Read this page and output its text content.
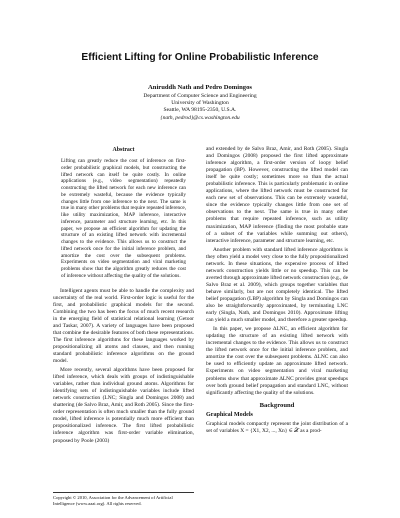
Efficient Lifting for Online Probabilistic Inference
Aniruddh Nath and Pedro Domingos
Department of Computer Science and Engineering
University of Washington
Seattle, WA 98195-2350, U.S.A.
{nath, pedrod}@cs.washington.edu
Abstract
Lifting can greatly reduce the cost of inference on first-order probabilistic graphical models, but constructing the lifted network can itself be quite costly. In online applications (e.g., video segmentation) repeatedly constructing the lifted network for each new inference can be extremely wasteful, because the evidence typically changes little from one inference to the next. The same is true in many other problems that require repeated inference, like utility maximization, MAP inference, interactive inference, parameter and structure learning, etc. In this paper, we propose an efficient algorithm for updating the structure of an existing lifted network with incremental changes to the evidence. This allows us to construct the lifted network once for the initial inference problem, and amortize the cost over the subsequent problems. Experiments on video segmentation and viral marketing problems show that the algorithm greatly reduces the cost of inference without affecting the quality of the solutions.

Intelligent agents must be able to handle the complexity and uncertainty of the real world. First-order logic is useful for the first, and probabilistic graphical models for the second. Combining the two has been the focus of much recent research in the emerging field of statistical relational learning (Getoor and Taskar, 2007). A variety of languages have been proposed that combine the desirable features of both these representations. The first inference algorithms for these languages worked by propositionalizing all atoms and clauses, and then running standard probabilistic inference algorithms on the ground model.

More recently, several algorithms have been proposed for lifted inference, which deals with groups of indistinguishable variables, rather than individual ground atoms. Algorithms for identifying sets of indistinguishable variables include lifted network construction (LNC; Singla and Domingos 2008) and shattering (de Salvo Braz, Amir, and Roth 2005). Since the first-order representation is often much smaller than the fully ground model, lifted inference is potentially much more efficient than propositionalized inference. The first lifted probabilistic inference algorithm was first-order variable elimination, proposed by Poole (2003)

and extended by de Salvo Braz, Amir, and Roth (2005). Singla and Domingos (2008) proposed the first lifted approximate inference algorithm, a first-order version of loopy belief propagation (BP). However, constructing the lifted model can itself be quite costly; sometimes more so than the actual probabilistic inference. This is particularly problematic in online applications, where the lifted network must be constructed for each new set of observations. This can be extremely wasteful, since the evidence typically changes little from one set of observations to the next. The same is true in many other problems that require repeated inference, such as utility maximization, MAP inference (finding the most probable state of a subset of the variables while summing out others), interactive inference, parameter and structure learning, etc.

Another problem with standard lifted inference algorithms is they often yield a model very close to the fully propositionalized network. In these situations, the expensive process of lifted network construction yields little or no speedup. This can be averted through approximate lifted network construction (e.g., de Salvo Braz et al. 2009), which groups together variables that behave similarly, but are not completely identical. The lifted belief propagation (LBP) algorithm by Singla and Domingos can also be straightforwardly approximated, by terminating LNC early (Singla, Nath, and Domingos 2010). Approximate lifting can yield a much smaller model, and therefore a greater speedup.

In this paper, we propose ΔLNC, an efficient algorithm for updating the structure of an existing lifted network with incremental changes to the evidence. This allows us to construct the lifted network once for the initial inference problem, and amortize the cost over the subsequent problems. ΔLNC can also be used to efficiently update an approximate lifted network. Experiments on video segmentation and viral marketing problems show that approximate ΔLNC provides great speedups over both ground belief propagation and standard LNC, without significantly affecting the quality of the solutions.

Background
Graphical Models

Graphical models compactly represent the joint distribution of a set of variables X = {X1, X2, ..., Xn} ∈ 𝒳 as a prod-

Copyright © 2010, Association for the Advancement of Artificial Intelligence (www.aaai.org). All rights reserved.
